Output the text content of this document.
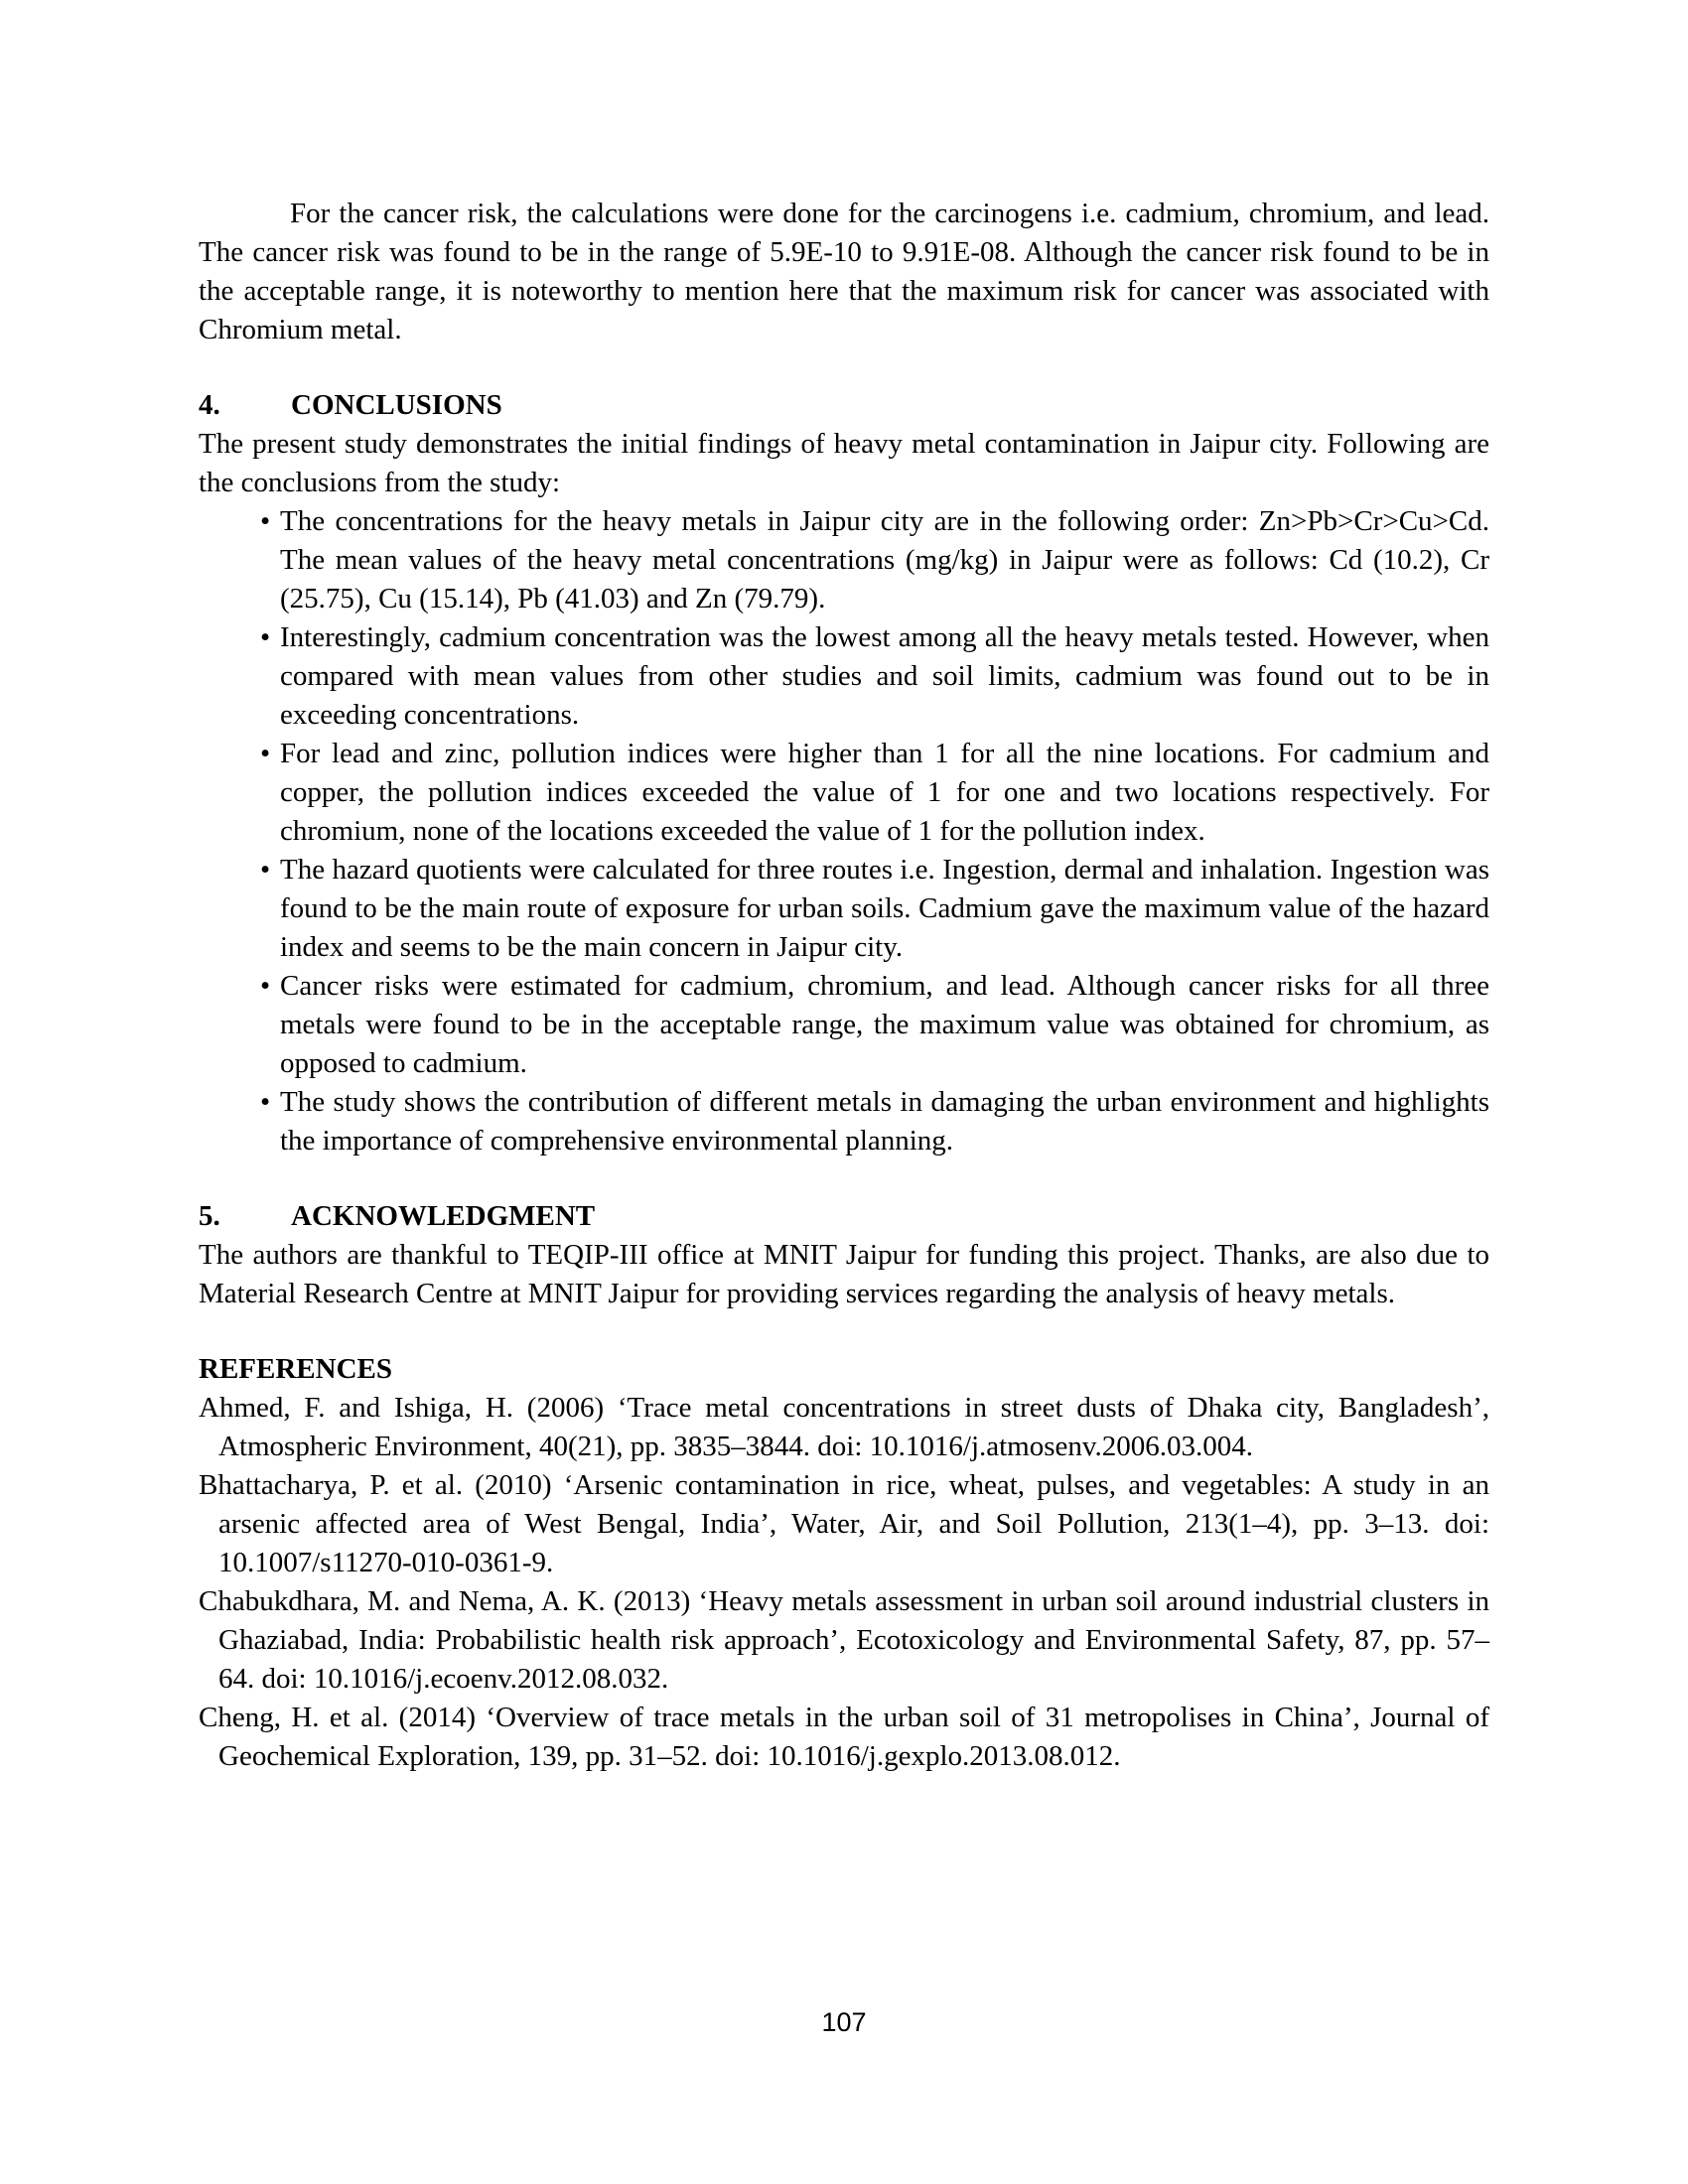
For the cancer risk, the calculations were done for the carcinogens i.e. cadmium, chromium, and lead. The cancer risk was found to be in the range of 5.9E-10 to 9.91E-08. Although the cancer risk found to be in the acceptable range, it is noteworthy to mention here that the maximum risk for cancer was associated with Chromium metal.

4.	CONCLUSIONS

The present study demonstrates the initial findings of heavy metal contamination in Jaipur city. Following are the conclusions from the study:

• The concentrations for the heavy metals in Jaipur city are in the following order: Zn>Pb>Cr>Cu>Cd. The mean values of the heavy metal concentrations (mg/kg) in Jaipur were as follows: Cd (10.2), Cr (25.75), Cu (15.14), Pb (41.03) and Zn (79.79).
• Interestingly, cadmium concentration was the lowest among all the heavy metals tested. However, when compared with mean values from other studies and soil limits, cadmium was found out to be in exceeding concentrations.
• For lead and zinc, pollution indices were higher than 1 for all the nine locations. For cadmium and copper, the pollution indices exceeded the value of 1 for one and two locations respectively. For chromium, none of the locations exceeded the value of 1 for the pollution index.
• The hazard quotients were calculated for three routes i.e. Ingestion, dermal and inhalation. Ingestion was found to be the main route of exposure for urban soils. Cadmium gave the maximum value of the hazard index and seems to be the main concern in Jaipur city.
• Cancer risks were estimated for cadmium, chromium, and lead. Although cancer risks for all three metals were found to be in the acceptable range, the maximum value was obtained for chromium, as opposed to cadmium.
• The study shows the contribution of different metals in damaging the urban environment and highlights the importance of comprehensive environmental planning.
5.	ACKNOWLEDGMENT

The authors are thankful to TEQIP-III office at MNIT Jaipur for funding this project. Thanks, are also due to Material Research Centre at MNIT Jaipur for providing services regarding the analysis of heavy metals.

REFERENCES

Ahmed, F. and Ishiga, H. (2006) ‘Trace metal concentrations in street dusts of Dhaka city, Bangladesh’, Atmospheric Environment, 40(21), pp. 3835–3844. doi: 10.1016/j.atmosenv.2006.03.004.

Bhattacharya, P. et al. (2010) ‘Arsenic contamination in rice, wheat, pulses, and vegetables: A study in an arsenic affected area of West Bengal, India’, Water, Air, and Soil Pollution, 213(1–4), pp. 3–13. doi: 10.1007/s11270-010-0361-9.

Chabukdhara, M. and Nema, A. K. (2013) ‘Heavy metals assessment in urban soil around industrial clusters in Ghaziabad, India: Probabilistic health risk approach’, Ecotoxicology and Environmental Safety, 87, pp. 57–64. doi: 10.1016/j.ecoenv.2012.08.032.

Cheng, H. et al. (2014) ‘Overview of trace metals in the urban soil of 31 metropolises in China’, Journal of Geochemical Exploration, 139, pp. 31–52. doi: 10.1016/j.gexplo.2013.08.012.

107
